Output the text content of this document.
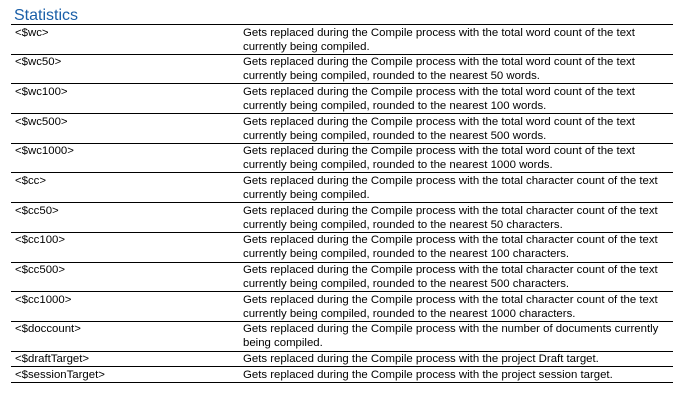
Statistics
<$wc>	Gets replaced during the Compile process with the total word count of the text currently being compiled.
<$wc50>	Gets replaced during the Compile process with the total word count of the text currently being compiled, rounded to the nearest 50 words.
<$wc100>	Gets replaced during the Compile process with the total word count of the text currently being compiled, rounded to the nearest 100 words.
<$wc500>	Gets replaced during the Compile process with the total word count of the text currently being compiled, rounded to the nearest 500 words.
<$wc1000>	Gets replaced during the Compile process with the total word count of the text currently being compiled, rounded to the nearest 1000 words.
<$cc>	Gets replaced during the Compile process with the total character count of the text currently being compiled.
<$cc50>	Gets replaced during the Compile process with the total character count of the text currently being compiled, rounded to the nearest 50 characters.
<$cc100>	Gets replaced during the Compile process with the total character count of the text currently being compiled, rounded to the nearest 100 characters.
<$cc500>	Gets replaced during the Compile process with the total character count of the text currently being compiled, rounded to the nearest 500 characters.
<$cc1000>	Gets replaced during the Compile process with the total character count of the text currently being compiled, rounded to the nearest 1000 characters.
<$doccount>	Gets replaced during the Compile process with the number of documents currently being compiled.
<$draftTarget>	Gets replaced during the Compile process with the project Draft target.
<$sessionTarget>	Gets replaced during the Compile process with the project session target.
